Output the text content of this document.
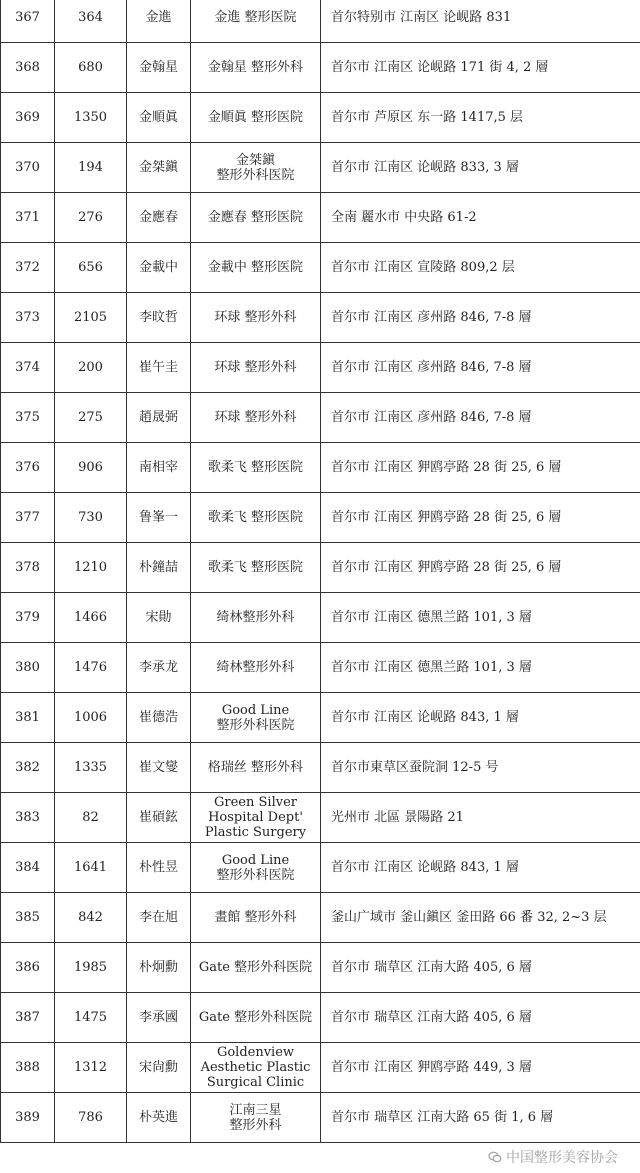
367	364	金進	金進 整形医院	首尔特别市 江南区 论岘路 831
368	680	金翰星	金翰星 整形外科	首尔市 江南区 论岘路 171 街 4, 2 層
369	1350	金順眞	金順眞 整形医院	首尔市 芦原区 东一路 1417,5 层
370	194	金桀鎭	金桀鎭
整形外科医院	首尔市 江南区 论岘路 833, 3 層
371	276	金應春	金應春 整形医院	全南 麗水市 中央路 61-2
372	656	金載中	金載中 整形医院	首尔市 江南区 宣陵路 809,2 层
373	2105	李旼哲	环球 整形外科	首尔市 江南区 彦州路 846, 7-8 層
374	200	崔午圭	环球 整形外科	首尔市 江南区 彦州路 846, 7-8 層
375	275	趙晟弼	环球 整形外科	首尔市 江南区 彦州路 846, 7-8 層
376	906	南相宰	歌柔飞 整形医院	首尔市 江南区 狎鸥亭路 28 街 25, 6 層
377	730	鲁峯一	歌柔飞 整形医院	首尔市 江南区 狎鸥亭路 28 街 25, 6 層
378	1210	朴鐘喆	歌柔飞 整形医院	首尔市 江南区 狎鸥亭路 28 街 25, 6 層
379	1466	宋勛	绮林整形外科	首尔市 江南区 德黑兰路 101, 3 層
380	1476	李承龙	绮林整形外科	首尔市 江南区 德黑兰路 101, 3 層
381	1006	崔德浩	Good Line
整形外科医院	首尔市 江南区 论岘路 843, 1 層
382	1335	崔文燮	格瑞丝 整形外科	首尔市東草区蚕院洞 12-5 号
383	82	崔碩鉉	Green Silver
Hospital Dept'
Plastic Surgery	光州市 北區 景陽路 21
384	1641	朴性昱	Good Line
整形外科医院	首尔市 江南区 论岘路 843, 1 層
385	842	李在旭	畫館 整形外科	釜山广域市 釜山鎭区 釜田路 66 番 32, 2~3 层
386	1985	朴炯勳	Gate 整形外科医院	首尔市 瑞草区 江南大路 405, 6 層
387	1475	李承國	Gate 整形外科医院	首尔市 瑞草区 江南大路 405, 6 層
388	1312	宋尙勳	Goldenview
Aesthetic Plastic
Surgical Clinic	首尔市 江南区 狎鸥亭路 449, 3 層
389	786	朴英進	江南三星
整形外科	首尔市 瑞草区 江南大路 65 街 1, 6 層
中国整形美容协会
